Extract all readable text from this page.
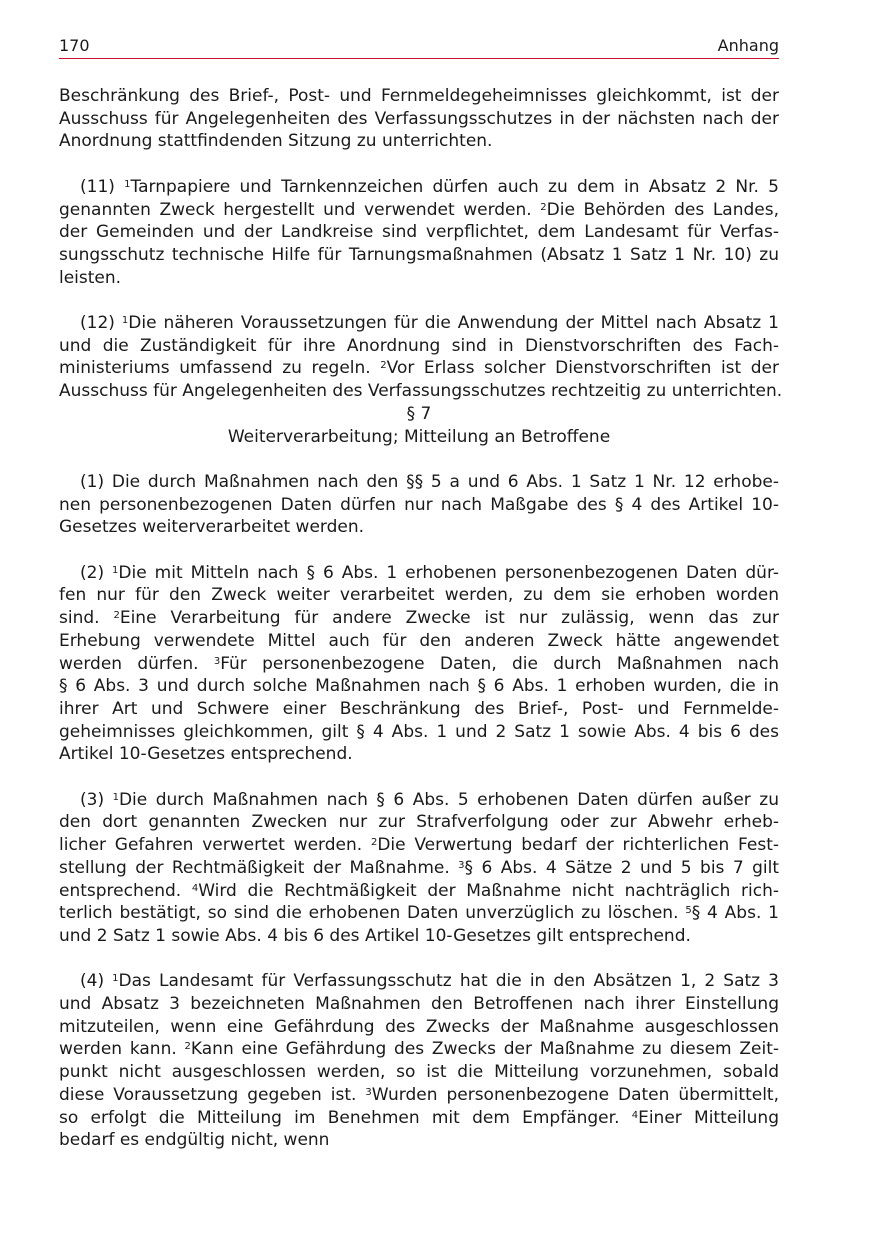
170	Anhang
Beschränkung des Brief-, Post- und Fernmeldegeheimnisses gleichkommt, ist der
Ausschuss für Angelegenheiten des Verfassungsschutzes in der nächsten nach der
Anordnung stattfindenden Sitzung zu unterrichten.
(11) $^1$Tarnpapiere und Tarnkennzeichen dürfen auch zu dem in Absatz 2 Nr. 5
genannten Zweck hergestellt und verwendet werden. $^2$Die Behörden des Landes,
der Gemeinden und der Landkreise sind verpflichtet, dem Landesamt für Verfas-
sungsschutz technische Hilfe für Tarnungsmaßnahmen (Absatz 1 Satz 1 Nr. 10) zu
leisten.
(12) $^1$Die näheren Voraussetzungen für die Anwendung der Mittel nach Absatz 1
und die Zuständigkeit für ihre Anordnung sind in Dienstvorschriften des Fach-
ministeriums umfassend zu regeln. $^2$Vor Erlass solcher Dienstvorschriften ist der
Ausschuss für Angelegenheiten des Verfassungsschutzes rechtzeitig zu unterrichten.
§ 7
Weiterverarbeitung; Mitteilung an Betroffene
(1) Die durch Maßnahmen nach den §§ 5 a und 6 Abs. 1 Satz 1 Nr. 12 erhobe-
nen personenbezogenen Daten dürfen nur nach Maßgabe des § 4 des Artikel 10-
Gesetzes weiterverarbeitet werden.
(2) $^1$Die mit Mitteln nach § 6 Abs. 1 erhobenen personenbezogenen Daten dür-
fen nur für den Zweck weiter verarbeitet werden, zu dem sie erhoben worden
sind. $^2$Eine Verarbeitung für andere Zwecke ist nur zulässig, wenn das zur
Erhebung verwendete Mittel auch für den anderen Zweck hätte angewendet
werden dürfen. $^3$Für personenbezogene Daten, die durch Maßnahmen nach
§ 6 Abs. 3 und durch solche Maßnahmen nach § 6 Abs. 1 erhoben wurden, die in
ihrer Art und Schwere einer Beschränkung des Brief-, Post- und Fernmelde-
geheimnisses gleichkommen, gilt § 4 Abs. 1 und 2 Satz 1 sowie Abs. 4 bis 6 des
Artikel 10-Gesetzes entsprechend.
(3) $^1$Die durch Maßnahmen nach § 6 Abs. 5 erhobenen Daten dürfen außer zu
den dort genannten Zwecken nur zur Strafverfolgung oder zur Abwehr erheb-
licher Gefahren verwertet werden. $^2$Die Verwertung bedarf der richterlichen Fest-
stellung der Rechtmäßigkeit der Maßnahme. $^3$§ 6 Abs. 4 Sätze 2 und 5 bis 7 gilt
entsprechend. $^4$Wird die Rechtmäßigkeit der Maßnahme nicht nachträglich rich-
terlich bestätigt, so sind die erhobenen Daten unverzüglich zu löschen. $^5$§ 4 Abs. 1
und 2 Satz 1 sowie Abs. 4 bis 6 des Artikel 10-Gesetzes gilt entsprechend.
(4) $^1$Das Landesamt für Verfassungsschutz hat die in den Absätzen 1, 2 Satz 3
und Absatz 3 bezeichneten Maßnahmen den Betroffenen nach ihrer Einstellung
mitzuteilen, wenn eine Gefährdung des Zwecks der Maßnahme ausgeschlossen
werden kann. $^2$Kann eine Gefährdung des Zwecks der Maßnahme zu diesem Zeit-
punkt nicht ausgeschlossen werden, so ist die Mitteilung vorzunehmen, sobald
diese Voraussetzung gegeben ist. $^3$Wurden personenbezogene Daten übermittelt,
so erfolgt die Mitteilung im Benehmen mit dem Empfänger. $^4$Einer Mitteilung
bedarf es endgültig nicht, wenn
